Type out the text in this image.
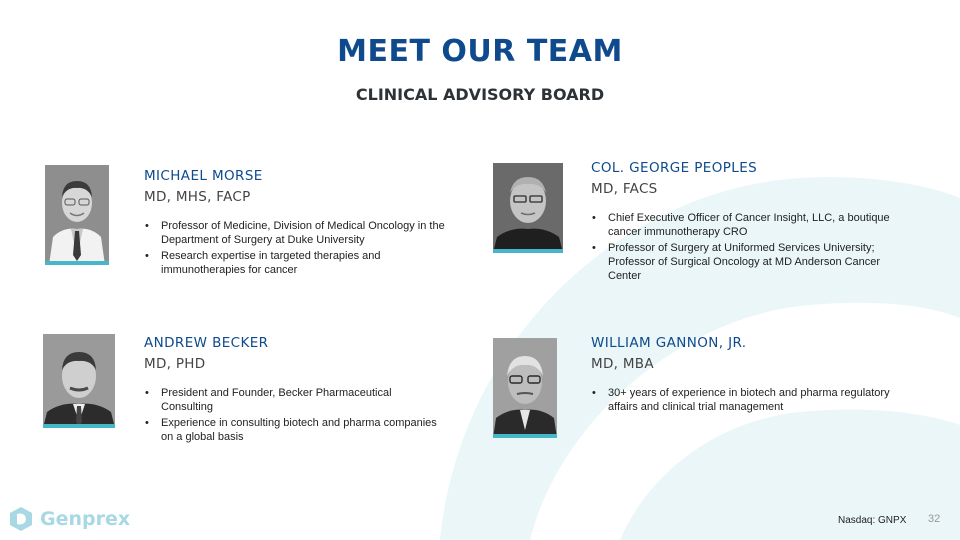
MEET OUR TEAM
CLINICAL ADVISORY BOARD
MICHAEL MORSE
MD, MHS, FACP
• Professor of Medicine, Division of Medical Oncology in the Department of Surgery at Duke University
• Research expertise in targeted therapies and immunotherapies for cancer
COL. GEORGE PEOPLES
MD, FACS
• Chief Executive Officer of Cancer Insight, LLC, a boutique cancer immunotherapy CRO
• Professor of Surgery at Uniformed Services University; Professor of Surgical Oncology at MD Anderson Cancer Center
ANDREW BECKER
MD, PHD
• President and Founder, Becker Pharmaceutical Consulting
• Experience in consulting biotech and pharma companies on a global basis
WILLIAM GANNON, JR.
MD, MBA
• 30+ years of experience in biotech and pharma regulatory affairs and clinical trial management
Genprex	Nasdaq: GNPX 32
